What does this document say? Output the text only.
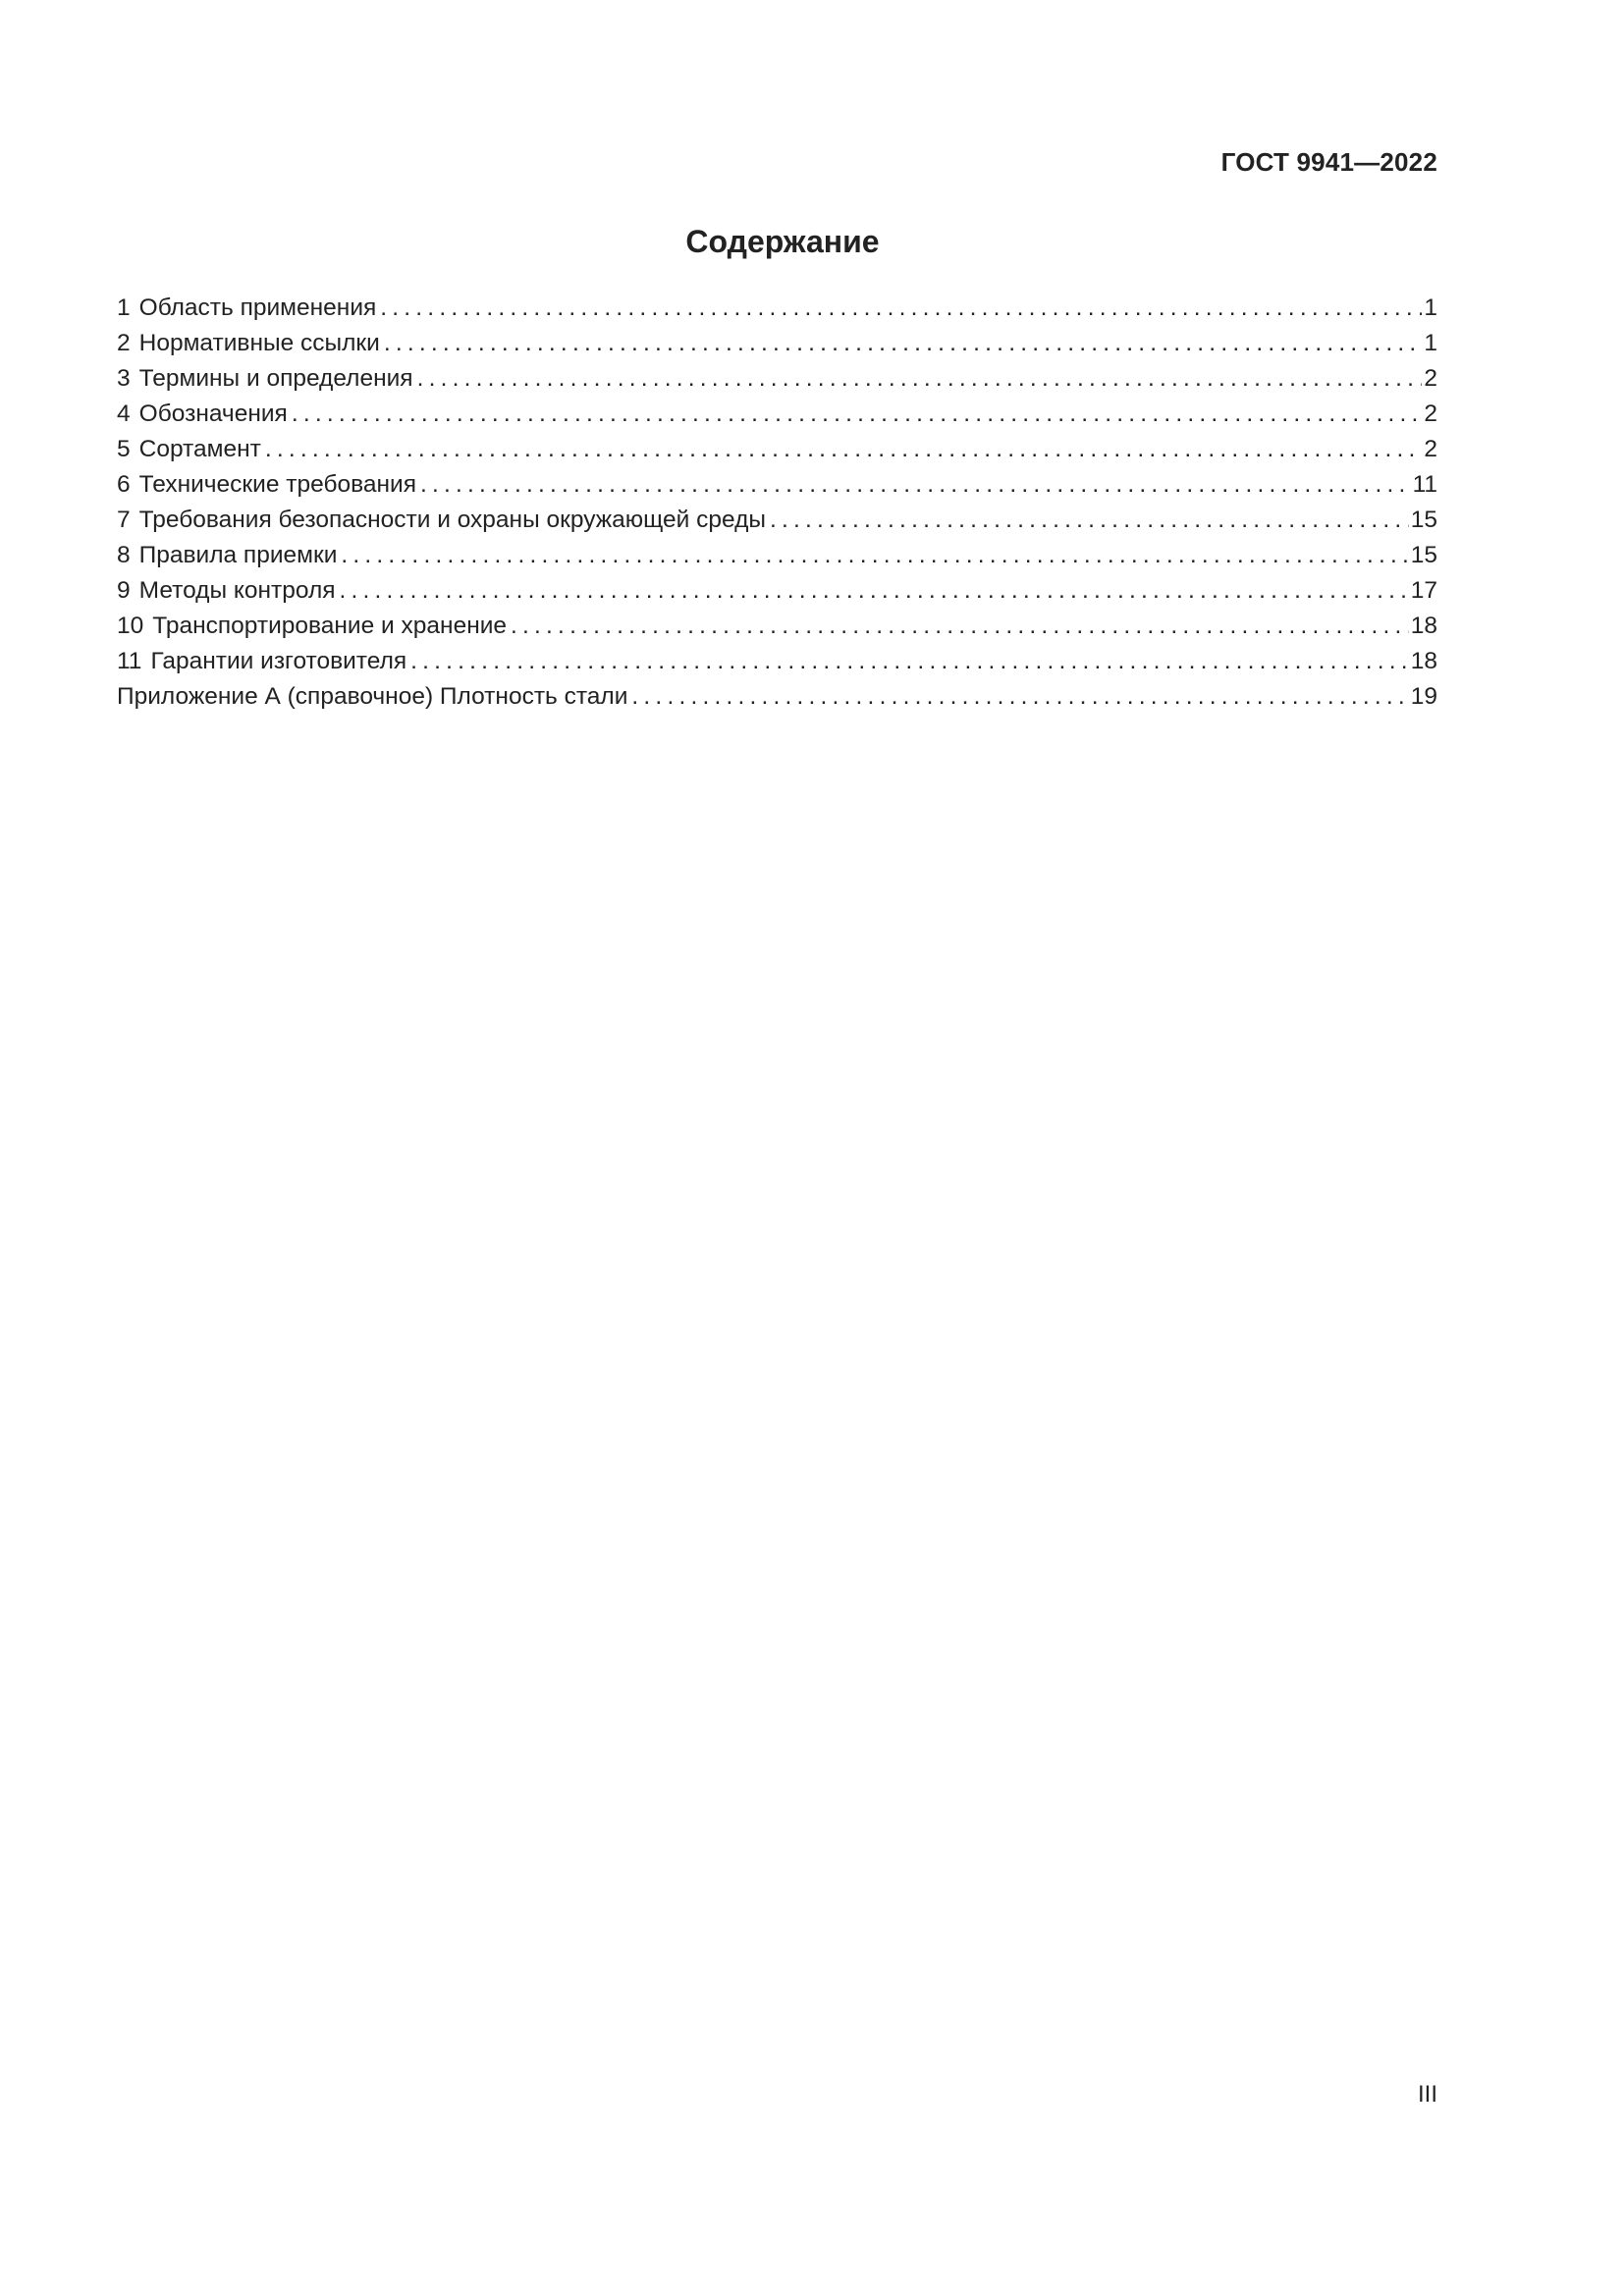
ГОСТ 9941—2022
Содержание
1 Область применения .....	1
2 Нормативные ссылки .....	1
3 Термины и определения .....	2
4 Обозначения .....	2
5 Сортамент .....	2
6 Технические требования .....	11
7 Требования безопасности и охраны окружающей среды .....	15
8 Правила приемки .....	15
9 Методы контроля .....	17
10 Транспортирование и хранение .....	18
11 Гарантии изготовителя .....	18
Приложение А (справочное) Плотность стали .....	19
III
